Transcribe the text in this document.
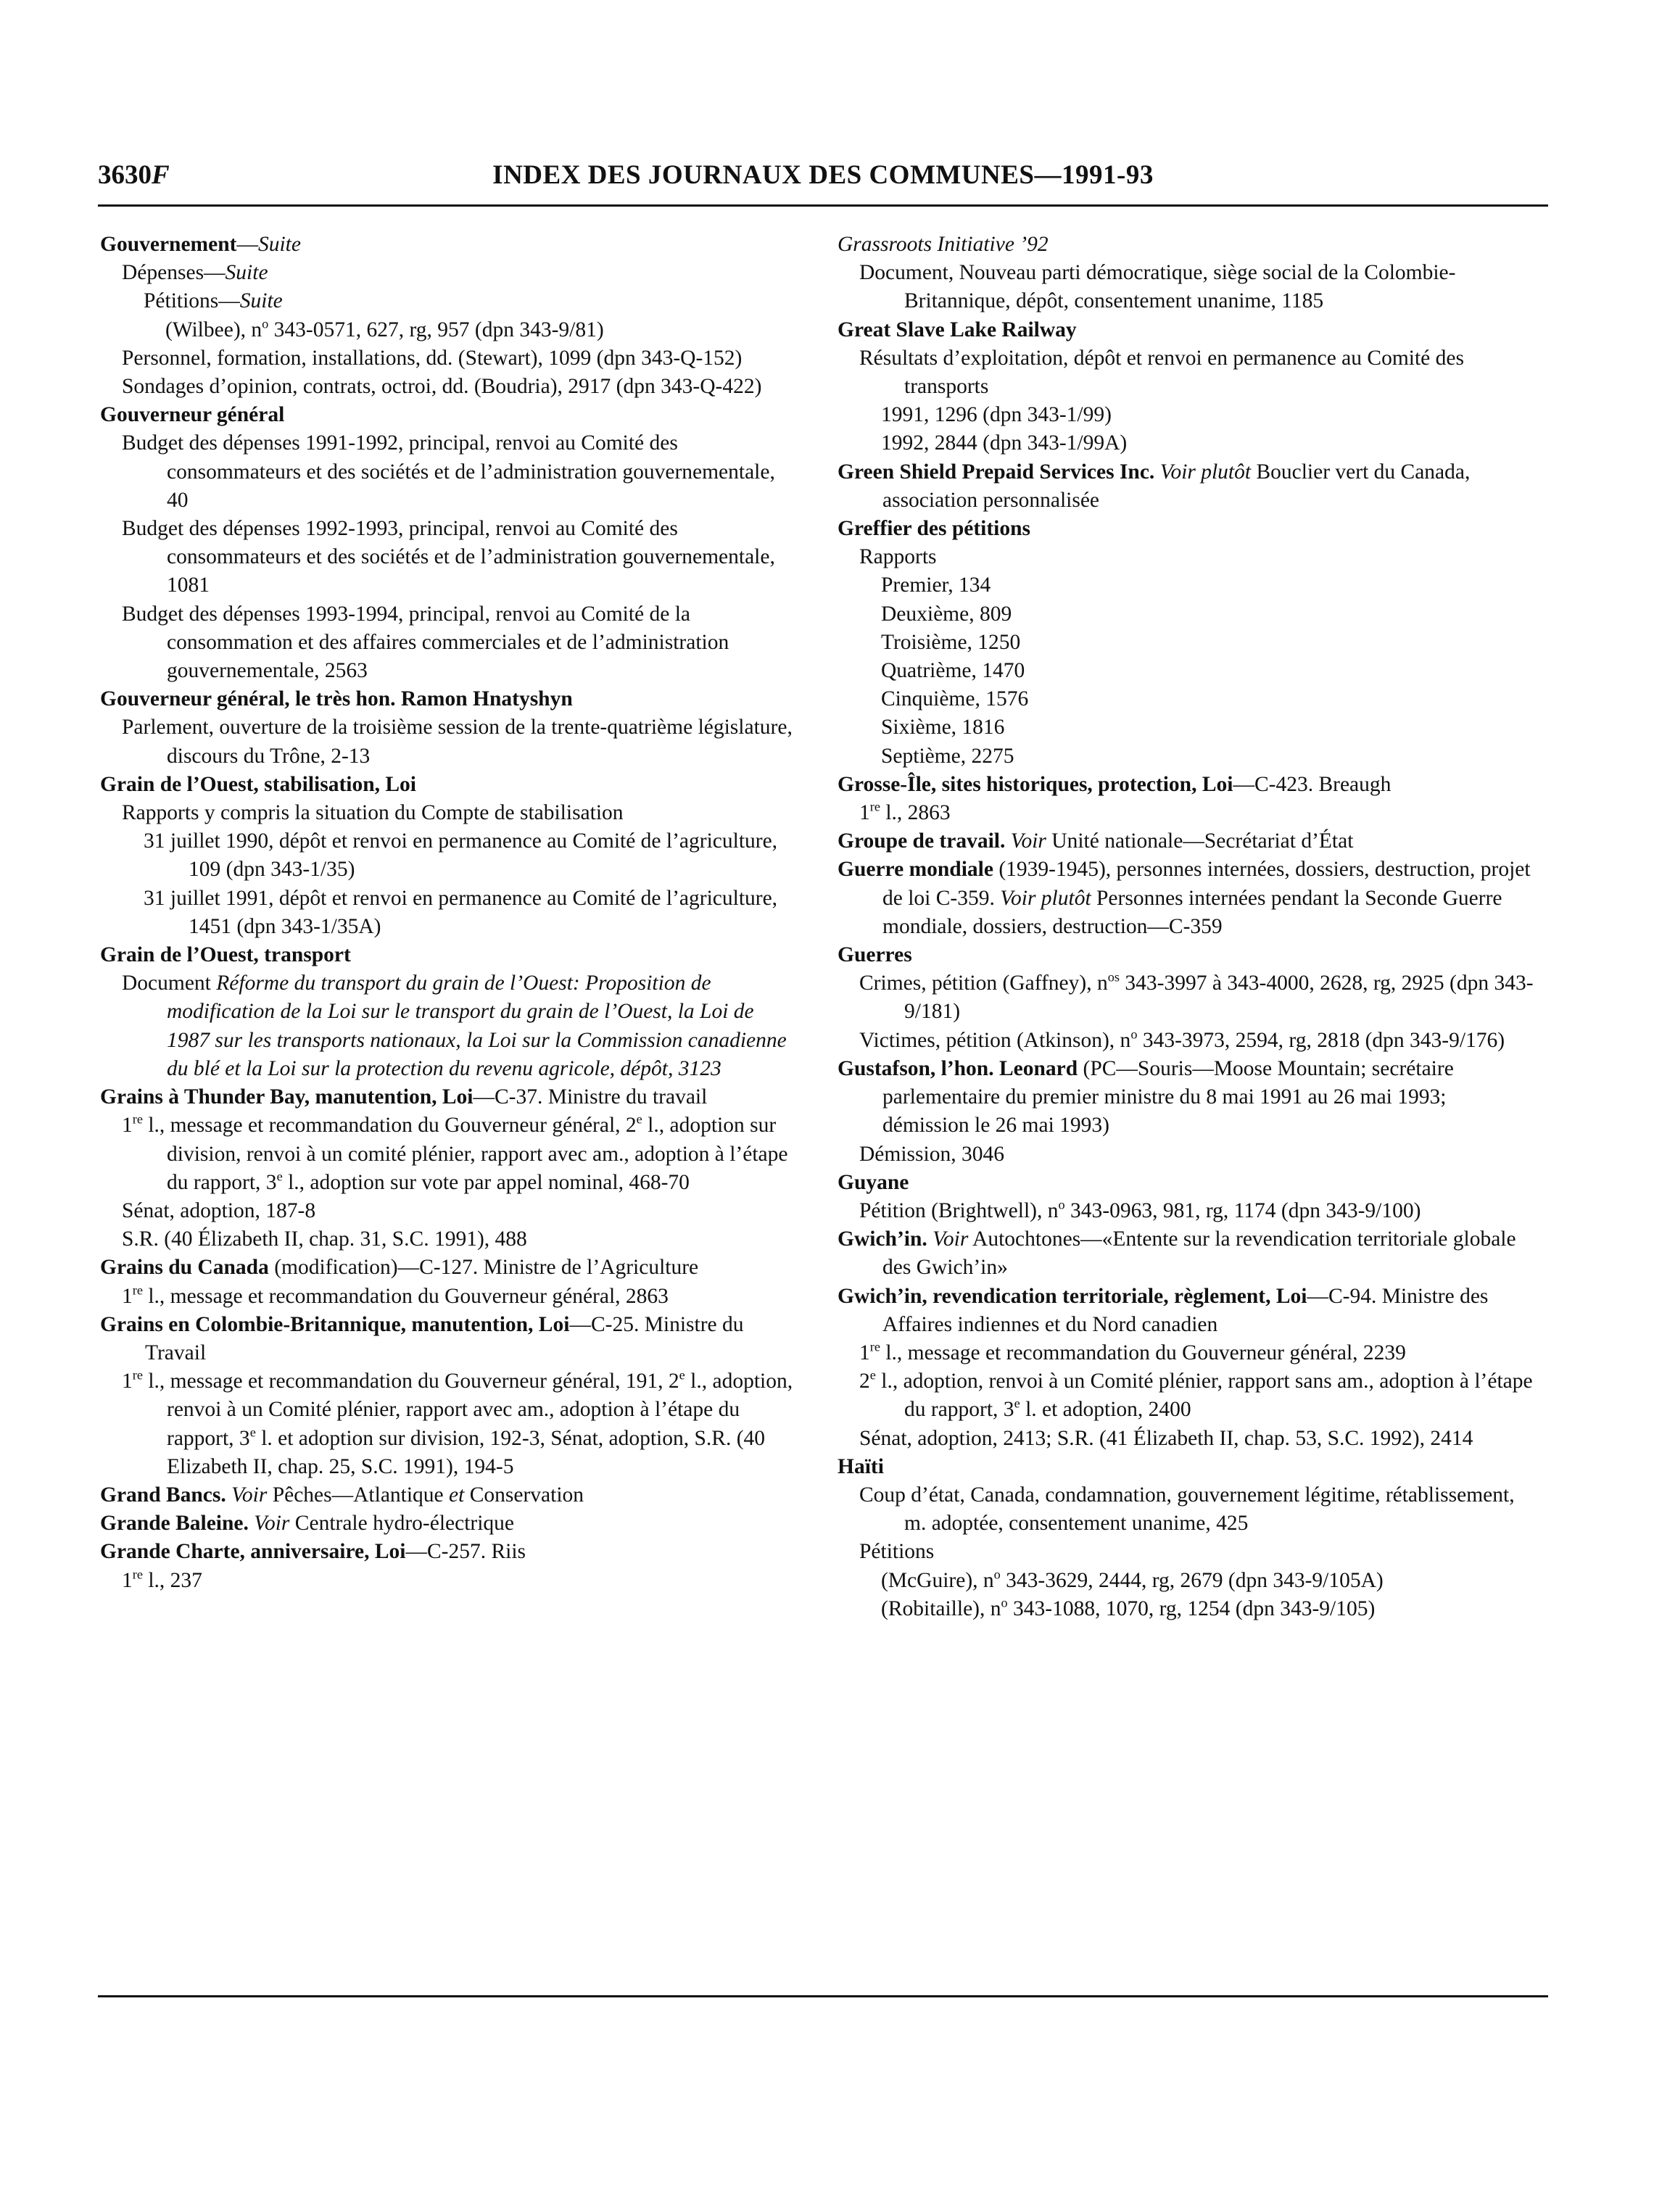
3630F	INDEX DES JOURNAUX DES COMMUNES—1991-93
Gouvernement—Suite
Dépenses—Suite
Pétitions—Suite
(Wilbee), $n^o$ 343-0571, 627, rg, 957 (dpn 343-9/81)
Personnel, formation, installations, dd. (Stewart), 1099 (dpn 343-Q-152)
Sondages d’opinion, contrats, octroi, dd. (Boudria), 2917 (dpn 343-Q-422)
Gouverneur général
Budget des dépenses 1991-1992, principal, renvoi au Comité des consommateurs et des sociétés et de l’administration gouvernementale, 40
Budget des dépenses 1992-1993, principal, renvoi au Comité des consommateurs et des sociétés et de l’administration gouvernementale, 1081
Budget des dépenses 1993-1994, principal, renvoi au Comité de la consommation et des affaires commerciales et de l’administration gouvernementale, 2563
Gouverneur général, le très hon. Ramon Hnatyshyn
Parlement, ouverture de la troisième session de la trente-quatrième législature, discours du Trône, 2-13
Grain de l’Ouest, stabilisation, Loi
Rapports y compris la situation du Compte de stabilisation
31 juillet 1990, dépôt et renvoi en permanence au Comité de l’agriculture, 109 (dpn 343-1/35)
31 juillet 1991, dépôt et renvoi en permanence au Comité de l’agriculture, 1451 (dpn 343-1/35A)
Grain de l’Ouest, transport
Document Réforme du transport du grain de l’Ouest: Proposition de modification de la Loi sur le transport du grain de l’Ouest, la Loi de 1987 sur les transports nationaux, la Loi sur la Commission canadienne du blé et la Loi sur la protection du revenu agricole, dépôt, 3123
Grains à Thunder Bay, manutention, Loi—C-37. Ministre du travail
1re l., message et recommandation du Gouverneur général, 2e l., adoption sur division, renvoi à un comité plénier, rapport avec am., adoption à l’étape du rapport, 3e l., adoption sur vote par appel nominal, 468-70
Sénat, adoption, 187-8
S.R. (40 Élizabeth II, chap. 31, S.C. 1991), 488
Grains du Canada (modification)—C-127. Ministre de l’Agriculture
1re l., message et recommandation du Gouverneur général, 2863
Grains en Colombie-Britannique, manutention, Loi—C-25. Ministre du Travail
1re l., message et recommandation du Gouverneur général, 191, 2e l., adoption, renvoi à un Comité plénier, rapport avec am., adoption à l’étape du rapport, 3e l. et adoption sur division, 192-3, Sénat, adoption, S.R. (40 Elizabeth II, chap. 25, S.C. 1991), 194-5
Grand Bancs. Voir Pêches—Atlantique et Conservation
Grande Baleine. Voir Centrale hydro-électrique
Grande Charte, anniversaire, Loi—C-257. Riis
1re l., 237
Grassroots Initiative ’92
Document, Nouveau parti démocratique, siège social de la Colombie-Britannique, dépôt, consentement unanime, 1185
Great Slave Lake Railway
Résultats d’exploitation, dépôt et renvoi en permanence au Comité des transports
1991, 1296 (dpn 343-1/99)
1992, 2844 (dpn 343-1/99A)
Green Shield Prepaid Services Inc. Voir plutôt Bouclier vert du Canada, association personnalisée
Greffier des pétitions
Rapports
Premier, 134
Deuxième, 809
Troisième, 1250
Quatrième, 1470
Cinquième, 1576
Sixième, 1816
Septième, 2275
Grosse-Île, sites historiques, protection, Loi—C-423. Breaugh
1re l., 2863
Groupe de travail. Voir Unité nationale—Secrétariat d’État
Guerre mondiale (1939-1945), personnes internées, dossiers, destruction, projet de loi C-359. Voir plutôt Personnes internées pendant la Seconde Guerre mondiale, dossiers, destruction—C-359
Guerres
Crimes, pétition (Gaffney), $n^{os}$ 343-3997 à 343-4000, 2628, rg, 2925 (dpn 343-9/181)
Victimes, pétition (Atkinson), $n^o$ 343-3973, 2594, rg, 2818 (dpn 343-9/176)
Gustafson, l’hon. Leonard (PC—Souris—Moose Mountain; secrétaire parlementaire du premier ministre du 8 mai 1991 au 26 mai 1993; démission le 26 mai 1993)
Démission, 3046
Guyane
Pétition (Brightwell), $n^o$ 343-0963, 981, rg, 1174 (dpn 343-9/100)
Gwich’in. Voir Autochtones—«Entente sur la revendication territoriale globale des Gwich’in»
Gwich’in, revendication territoriale, règlement, Loi—C-94. Ministre des Affaires indiennes et du Nord canadien
1re l., message et recommandation du Gouverneur général, 2239
2e l., adoption, renvoi à un Comité plénier, rapport sans am., adoption à l’étape du rapport, 3e l. et adoption, 2400
Sénat, adoption, 2413; S.R. (41 Élizabeth II, chap. 53, S.C. 1992), 2414
Haïti
Coup d’état, Canada, condamnation, gouvernement légitime, rétablissement, m. adoptée, consentement unanime, 425
Pétitions
(McGuire), $n^o$ 343-3629, 2444, rg, 2679 (dpn 343-9/105A)
(Robitaille), $n^o$ 343-1088, 1070, rg, 1254 (dpn 343-9/105)
